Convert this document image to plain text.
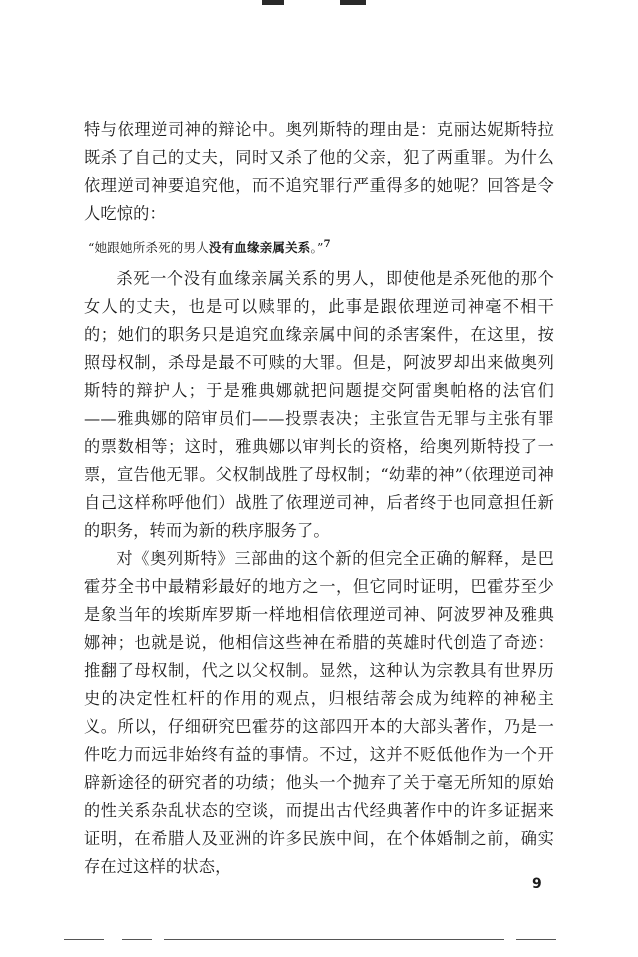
特与依理逆司神的辩论中。奥列斯特的理由是：克丽达妮斯特拉既杀了自己的丈夫，同时又杀了他的父亲，犯了两重罪。为什么依理逆司神要追究他，而不追究罪行严重得多的她呢？回答是令人吃惊的：

“她跟她所杀死的男人没有血缘亲属关系。”$^7$

杀死一个没有血缘亲属关系的男人，即使他是杀死他的那个女人的丈夫，也是可以赎罪的，此事是跟依理逆司神毫不相干的；她们的职务只是追究血缘亲属中间的杀害案件，在这里，按照母权制，杀母是最不可赎的大罪。但是，阿波罗却出来做奥列斯特的辩护人；于是雅典娜就把问题提交阿雷奥帕格的法官们——雅典娜的陪审员们——投票表决；主张宣告无罪与主张有罪的票数相等；这时，雅典娜以审判长的资格，给奥列斯特投了一票，宣告他无罪。父权制战胜了母权制；“幼辈的神”（依理逆司神自己这样称呼他们）战胜了依理逆司神，后者终于也同意担任新的职务，转而为新的秩序服务了。

对《奥列斯特》三部曲的这个新的但完全正确的解释，是巴霍芬全书中最精彩最好的地方之一，但它同时证明，巴霍芬至少是象当年的埃斯库罗斯一样地相信依理逆司神、阿波罗神及雅典娜神；也就是说，他相信这些神在希腊的英雄时代创造了奇迹：推翻了母权制，代之以父权制。显然，这种认为宗教具有世界历史的决定性杠杆的作用的观点，归根结蒂会成为纯粹的神秘主义。所以，仔细研究巴霍芬的这部四开本的大部头著作，乃是一件吃力而远非始终有益的事情。不过，这并不贬低他作为一个开辟新途径的研究者的功绩；他头一个抛弃了关于毫无所知的原始的性关系杂乱状态的空谈，而提出古代经典著作中的许多证据来证明，在希腊人及亚洲的许多民族中间，在个体婚制之前，确实存在过这样的状态，

9
